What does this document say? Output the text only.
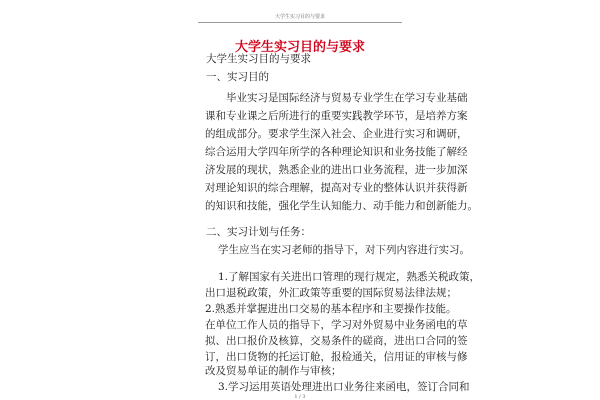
大学生实习目的与要求
大学生实习目的与要求
大学生实习目的与要求
一、实习目的
毕业实习是国际经济与贸易专业学生在学习专业基础
课和专业课之后所进行的重要实践教学环节，是培养方案
的组成部分。要求学生深入社会、企业进行实习和调研，
综合运用大学四年所学的各种理论知识和业务技能了解经
济发展的现状，熟悉企业的进出口业务流程，进一步加深
对理论知识的综合理解，提高对专业的整体认识并获得新
的知识和技能，强化学生认知能力、动手能力和创新能力。
二、实习计划与任务：
学生应当在实习老师的指导下，对下列内容进行实习。
1.了解国家有关进出口管理的现行规定，熟悉关税政策，
出口退税政策，外汇政策等重要的国际贸易法律法规；
2.熟悉并掌握进出口交易的基本程序和主要操作技能。
在单位工作人员的指导下，学习对外贸易中业务函电的草
拟、出口报价及核算，交易条件的磋商，进出口合同的签
订，出口货物的托运订舱，报检通关，信用证的审核与修
改及贸易单证的制作与审核；
3.学习运用英语处理进出口业务往来函电，签订合同和
1 / 3
